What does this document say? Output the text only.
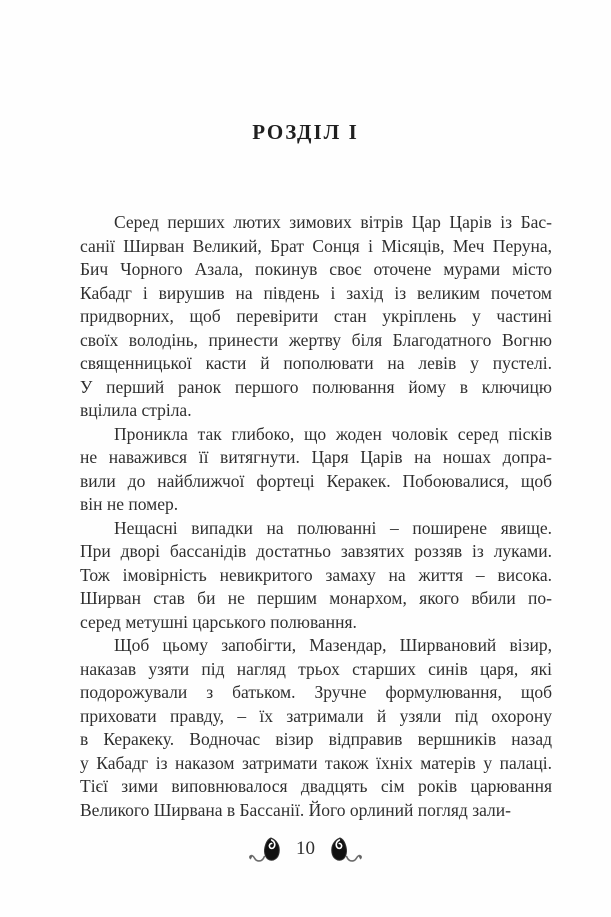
РОЗДІЛ І
Серед перших лютих зимових вітрів Цар Царів із Бас-
санії Ширван Великий, Брат Сонця і Місяців, Меч Перуна,
Бич Чорного Азала, покинув своє оточене мурами місто
Кабадг і вирушив на південь і захід із великим почетом
придворних, щоб перевірити стан укріплень у частині
своїх володінь, принести жертву біля Благодатного Вогню
священницької касти й пополювати на левів у пустелі.
У перший ранок першого полювання йому в ключицю
вцілила стріла.
Проникла так глибоко, що жоден чоловік серед пісків
не наважився її витягнути. Царя Царів на ношах допра-
вили до найближчої фортеці Керакек. Побоювалися, щоб
він не помер.
Нещасні випадки на полюванні – поширене явище.
При дворі бассанідів достатньо завзятих роззяв із луками.
Тож імовірність невикритого замаху на життя – висока.
Ширван став би не першим монархом, якого вбили по-
серед метушні царського полювання.
Щоб цьому запобігти, Мазендар, Ширвановий візир,
наказав узяти під нагляд трьох старших синів царя, які
подорожували з батьком. Зручне формулювання, щоб
приховати правду, – їх затримали й узяли під охорону
в Керакеку. Водночас візир відправив вершників назад
у Кабадг із наказом затримати також їхніх матерів у палаці.
Тієї зими виповнювалося двадцять сім років царювання
Великого Ширвана в Бассанії. Його орлиний погляд зали-
10
